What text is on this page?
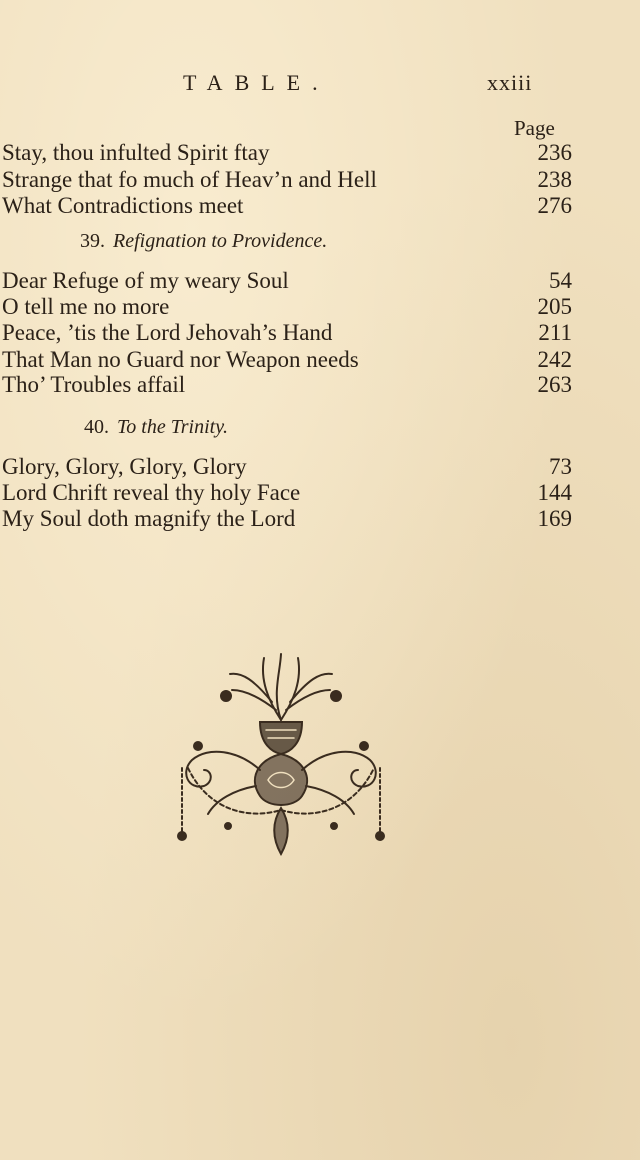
TABLE.	xxiii
Page
Stay, thou infulted Spirit ftay	236
Strange that fo much of Heav’n and Hell	238
What Contradictions meet	276
39. Refignation to Providence.
Dear Refuge of my weary Soul	54
O tell me no more	205
Peace, ’tis the Lord Jehovah’s Hand	211
That Man no Guard nor Weapon needs	242
Tho’ Troubles affail	263
40. To the Trinity.
Glory, Glory, Glory, Glory	73
Lord Chrift reveal thy holy Face	144
My Soul doth magnify the Lord	169
